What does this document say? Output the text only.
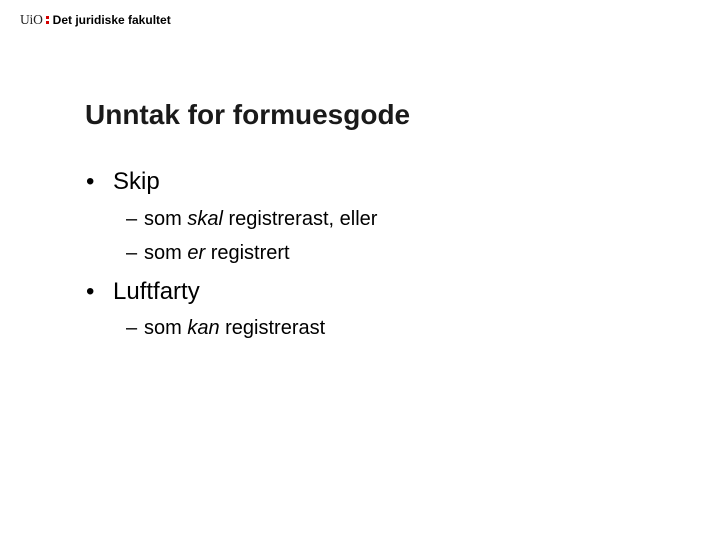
UiO Det juridiske fakultet
Unntak for formuesgode
• Skip
– som skal registrerast, eller
– som er registrert
• Luftfarty
– som kan registrerast
